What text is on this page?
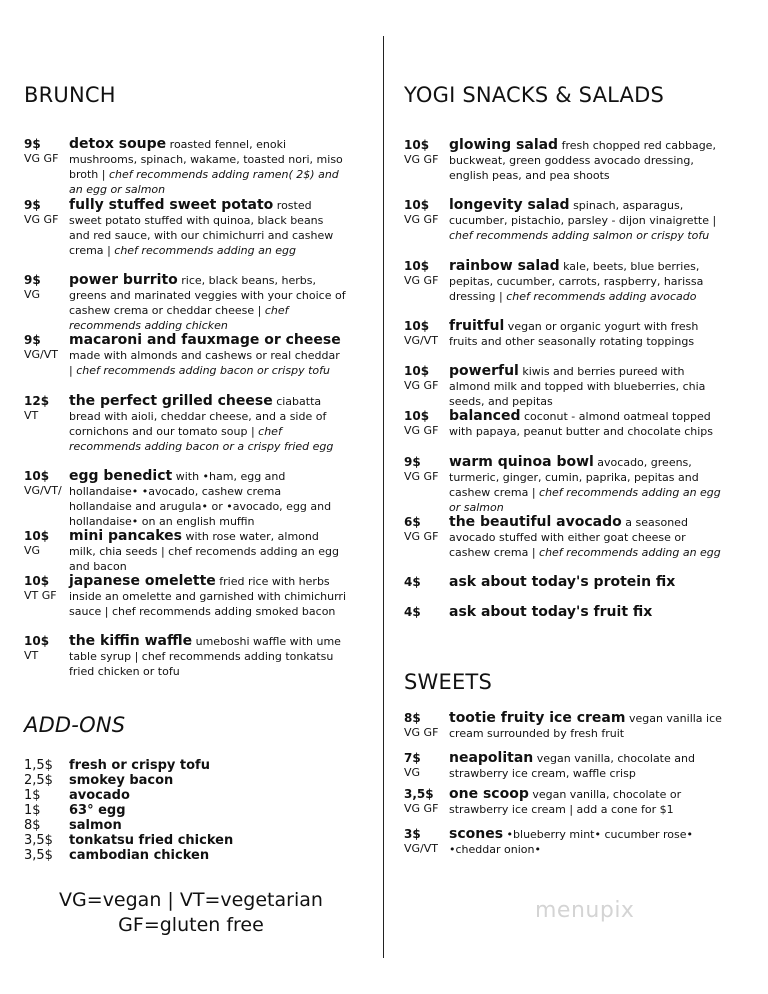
BRUNCH	YOGI SNACKS & SALADS
ADD-ONS
SWEETS
9$
VG GF
detox soupe roasted fennel, enoki mushrooms, spinach, wakame, toasted nori, miso broth | chef recommends adding ramen( 2$) and an egg or salmon
9$
VG GF
fully stuffed sweet potato rosted sweet potato stuffed with quinoa, black beans and red sauce, with our chimichurri and cashew crema | chef recommends adding an egg
9$
VG
power burrito rice, black beans, herbs, greens and marinated veggies with your choice of cashew crema or cheddar cheese | chef recommends adding chicken
9$
VG/VT
macaroni and fauxmage or cheese made with almonds and cashews or real cheddar | chef recommends adding bacon or crispy tofu
12$
VT
the perfect grilled cheese ciabatta bread with aioli, cheddar cheese, and a side of cornichons and our tomato soup | chef recommends adding bacon or a crispy fried egg
10$
VG/VT/
egg benedict with •ham, egg and hollandaise• •avocado, cashew crema hollandaise and arugula• or •avocado, egg and hollandaise• on an english muffin
10$
VG
mini pancakes with rose water, almond milk, chia seeds | chef recomends adding an egg and bacon
10$
VT GF
japanese omelette fried rice with herbs inside an omelette and garnished with chimichurri sauce | chef recommends adding smoked bacon
10$
VT
the kiffin waffle umeboshi waffle with ume table syrup | chef recommends adding tonkatsu fried chicken or tofu
10$
VG GF
glowing salad fresh chopped red cabbage, buckweat, green goddess avocado dressing, english peas, and pea shoots
10$
VG GF
longevity salad spinach, asparagus, cucumber, pistachio, parsley - dijon vinaigrette | chef recommends adding salmon or crispy tofu
10$
VG GF
rainbow salad kale, beets, blue berries, pepitas, cucumber, carrots, raspberry, harissa dressing | chef recommends adding avocado
10$
VG/VT
fruitful vegan or organic yogurt with fresh fruits and other seasonally rotating toppings
10$
VG GF
powerful kiwis and berries pureed with almond milk and topped with blueberries, chia seeds, and pepitas
10$
VG GF
balanced coconut - almond oatmeal topped with papaya, peanut butter and chocolate chips
9$
VG GF
warm quinoa bowl avocado, greens, turmeric, ginger, cumin, paprika, pepitas and cashew crema | chef recommends adding an egg or salmon
6$
VG GF
the beautiful avocado a seasoned avocado stuffed with either goat cheese or cashew crema | chef recommends adding an egg
4$ ask about today's protein fix
4$ ask about today's fruit fix
8$
VG GF
tootie fruity ice cream vegan vanilla ice cream surrounded by fresh fruit
7$
VG
neapolitan vegan vanilla, chocolate and strawberry ice cream, waffle crisp
3,5$
VG GF
one scoop vegan vanilla, chocolate or strawberry ice cream | add a cone for $1
3$
VG/VT
scones •blueberry mint• cucumber rose• •cheddar onion•
1,5$	fresh or crispy tofu
2,5$	smokey bacon
1$	avocado
1$	63° egg
8$	salmon
3,5$	tonkatsu fried chicken
3,5$	cambodian chicken
VG=vegan | VT=vegetarian
GF=gluten free
menupix
